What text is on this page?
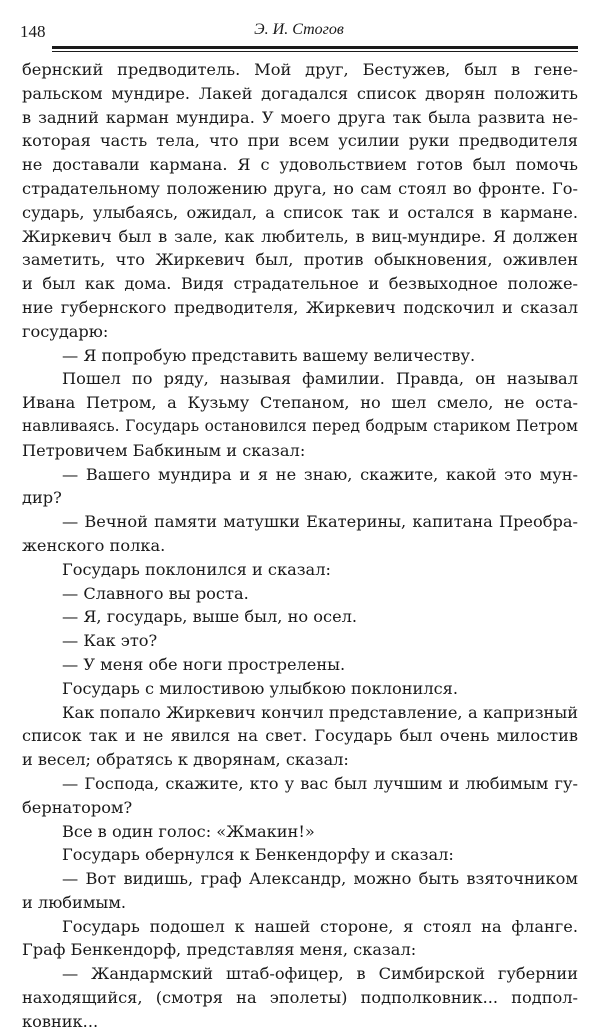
148	Э. И. Стогов
бернский предводитель. Мой друг, Бестужев, был в гене-
ральском мундире. Лакей догадался список дворян положить
в задний карман мундира. У моего друга так была развита не-
которая часть тела, что при всем усилии руки предводителя
не доставали кармана. Я с удовольствием готов был помочь
страдательному положению друга, но сам стоял во фронте. Го-
сударь, улыбаясь, ожидал, а список так и остался в кармане.
Жиркевич был в зале, как любитель, в виц-мундире. Я должен
заметить, что Жиркевич был, против обыкновения, оживлен
и был как дома. Видя страдательное и безвыходное положе-
ние губернского предводителя, Жиркевич подскочил и сказал
государю:
— Я попробую представить вашему величеству.
Пошел по ряду, называя фамилии. Правда, он называл
Ивана Петром, а Кузьму Степаном, но шел смело, не оста-
навливаясь. Государь остановился перед бодрым стариком Петром
Петровичем Бабкиным и сказал:
— Вашего мундира и я не знаю, скажите, какой это мун-
дир?
— Вечной памяти матушки Екатерины, капитана Преобра-
женского полка.
Государь поклонился и сказал:
— Славного вы роста.
— Я, государь, выше был, но осел.
— Как это?
— У меня обе ноги прострелены.
Государь с милостивою улыбкою поклонился.
Как попало Жиркевич кончил представление, а капризный
список так и не явился на свет. Государь был очень милостив
и весел; обратясь к дворянам, сказал:
— Господа, скажите, кто у вас был лучшим и любимым гу-
бернатором?
Все в один голос: «Жмакин!»
Государь обернулся к Бенкендорфу и сказал:
— Вот видишь, граф Александр, можно быть взяточником
и любимым.
Государь подошел к нашей стороне, я стоял на фланге.
Граф Бенкендорф, представляя меня, сказал:
— Жандармский штаб-офицер, в Симбирской губернии
находящийся, (смотря на эполеты) подполковник... подпол-
ковник...
